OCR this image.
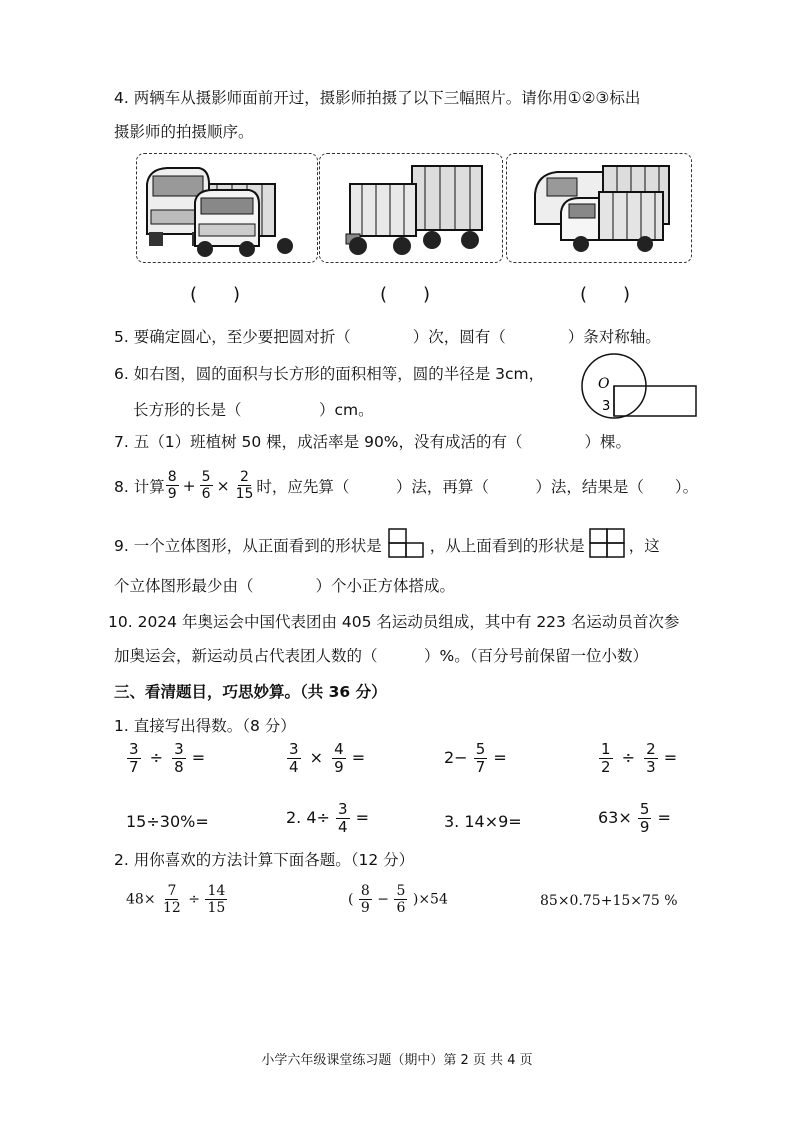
4. 两辆车从摄影师面前开过，摄影师拍摄了以下三幅照片。请你用①②③标出
摄影师的拍摄顺序。
(　　)	(　　)	(　　)
5. 要确定圆心，至少要把圆对折（　　　　）次，圆有（　　　　）条对称轴。
6. 如右图，圆的面积与长方形的面积相等，圆的半径是 3cm，
长方形的长是（　　　　　）cm。
O
3
7. 五（1）班植树 50 棵，成活率是 90%，没有成活的有（　　　　）棵。
8. 计算 $\frac{8}{9} + \frac{5}{6} \times \frac{2}{15}$ 时，应先算（　　　）法，再算（　　　）法，结果是（　　）。
9. 一个立体图形，从正面看到的形状是	，从上面看到的形状是	，这
个立体图形最少由（　　　　）个小正方体搭成。
10. 2024 年奥运会中国代表团由 405 名运动员组成，其中有 223 名运动员首次参
加奥运会，新运动员占代表团人数的（　　　）%。（百分号前保留一位小数）
三、看清题目，巧思妙算。（共 36 分）
1. 直接写出得数。（8 分）
$\frac{3}{7} \div \frac{3}{8}$ =	$\frac{3}{4} \times \frac{4}{9}$ =	$2- \frac{5}{7}$ =	$\frac{1}{2} \div \frac{2}{3}$ =
15÷30%=	2. $4\div \frac{3}{4}$ =	3. 14×9=	$63\times \frac{5}{9}$ =
2. 用你喜欢的方法计算下面各题。（12 分）
$48\times \frac{7}{12} \div \frac{14}{15}$	( $\frac{8}{9} - \frac{5}{6} )\times 54$	85×0.75+15×75 %
小学六年级课堂练习题（期中）第 2 页 共 4 页
